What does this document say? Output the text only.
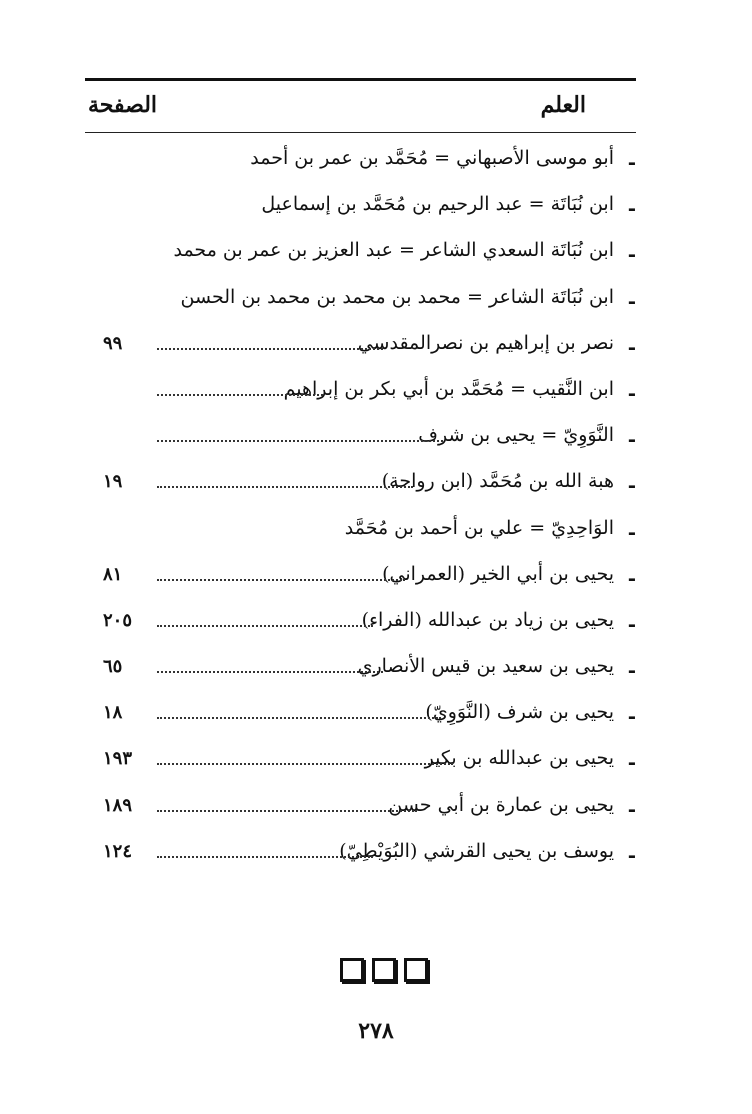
العلم
الصفحة
-
أبو موسى الأصبهاني = مُحَمَّد بن عمر بن أحمد
-
ابن نُبَاتَة = عبد الرحيم بن مُحَمَّد بن إسماعيل
-
ابن نُبَاتَة السعدي الشاعر = عبد العزيز بن عمر بن محمد
-
ابن نُبَاتَة الشاعر = محمد بن محمد بن محمد بن الحسن
-
نصر بن إبراهيم بن نصرالمقدسي
٩٩
-
ابن النَّقيب = مُحَمَّد بن أبي بكر بن إبراهيم
-
النَّوَوِيّ = يحيى بن شرف
-
هبة الله بن مُحَمَّد (ابن رواحة)
١٩
-
الوَاحِدِيّ = علي بن أحمد بن مُحَمَّد
-
يحيى بن أبي الخير (العمراني)
٨١
-
يحيى بن زياد بن عبدالله (الفراء)
٢٠٥
-
يحيى بن سعيد بن قيس الأنصاري
٦٥
-
يحيى بن شرف (النَّوَوِيّ)
١٨
-
يحيى بن عبدالله بن بكير
١٩٣
-
يحيى بن عمارة بن أبي حسن
١٨٩
-
يوسف بن يحيى القرشي (البُوَيْطِيّ)
١٢٤
٢٧٨
